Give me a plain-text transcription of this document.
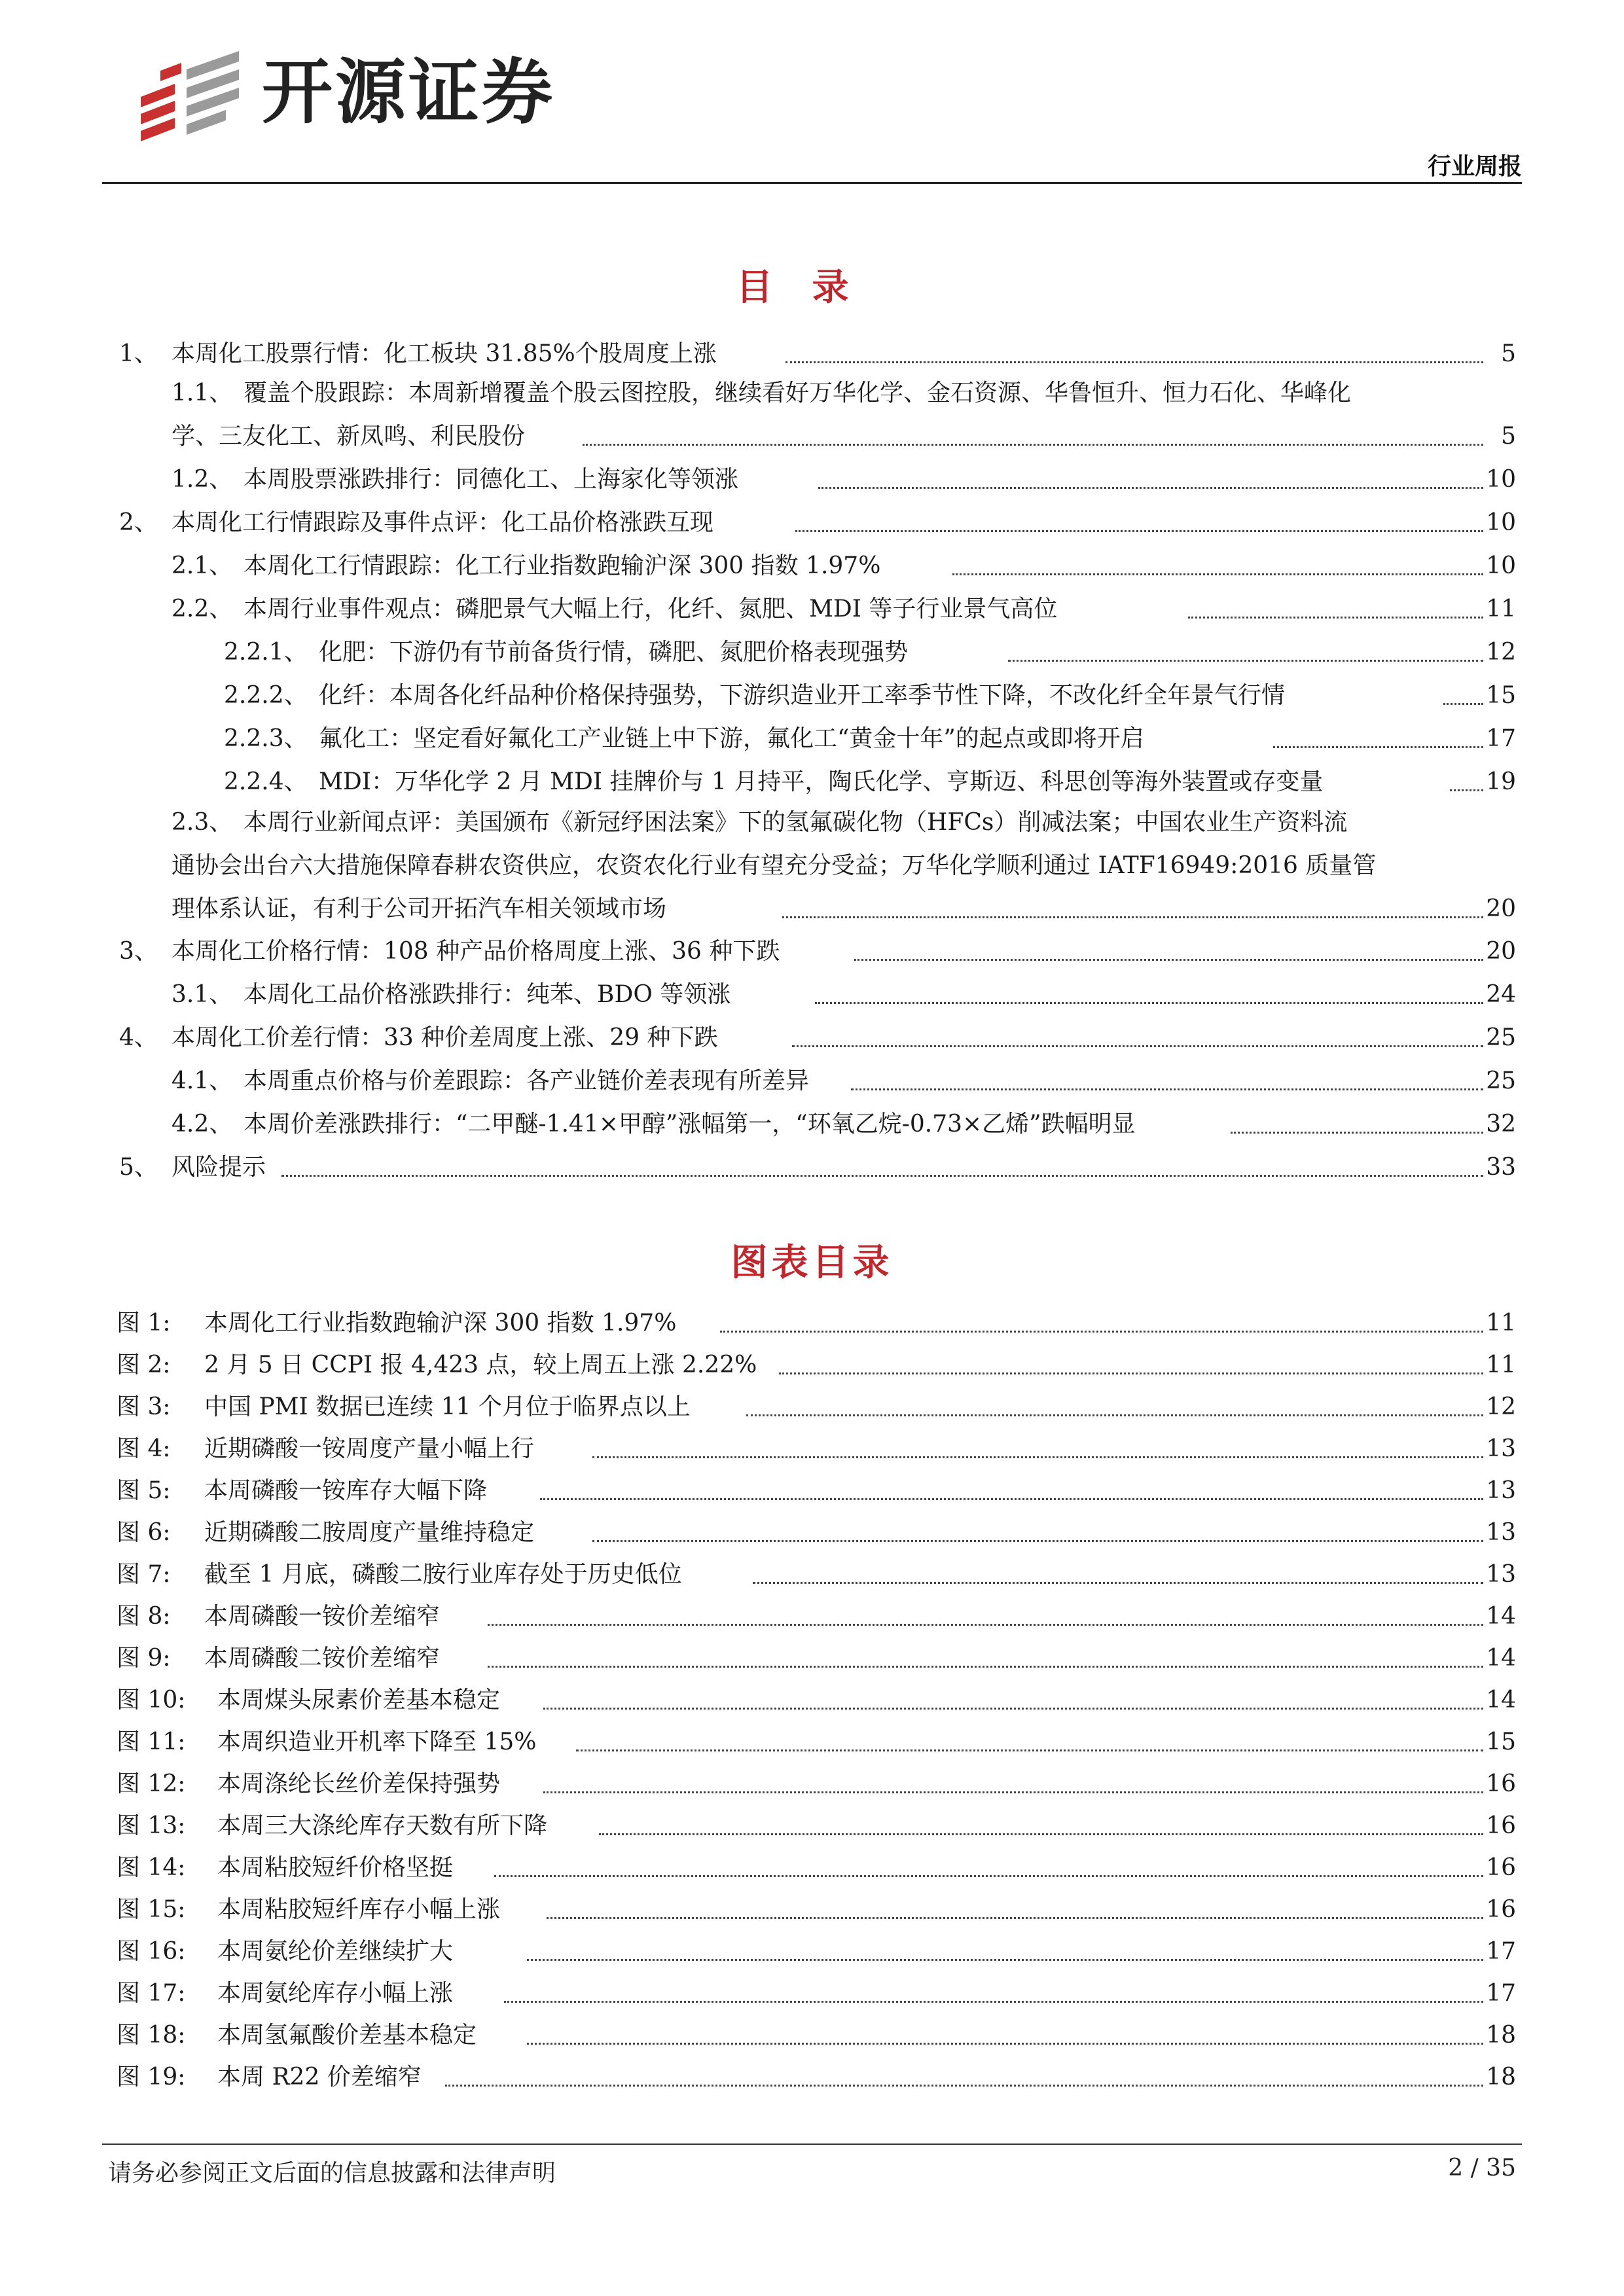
开源证券
行业周报
目录
1、 本周化工股票行情：化工板块 31.85%个股周度上涨	5
1.1、 覆盖个股跟踪：本周新增覆盖个股云图控股，继续看好万华化学、金石资源、华鲁恒升、恒力石化、华峰化
学、三友化工、新凤鸣、利民股份	5
1.2、 本周股票涨跌排行：同德化工、上海家化等领涨	10
2、 本周化工行情跟踪及事件点评：化工品价格涨跌互现	10
2.1、 本周化工行情跟踪：化工行业指数跑输沪深 300 指数 1.97%	10
2.2、 本周行业事件观点：磷肥景气大幅上行，化纤、氮肥、MDI 等子行业景气高位	11
2.2.1、 化肥：下游仍有节前备货行情，磷肥、氮肥价格表现强势	12
2.2.2、 化纤：本周各化纤品种价格保持强势，下游织造业开工率季节性下降，不改化纤全年景气行情	15
2.2.3、 氟化工：坚定看好氟化工产业链上中下游，氟化工“黄金十年”的起点或即将开启	17
2.2.4、 MDI：万华化学 2 月 MDI 挂牌价与 1 月持平，陶氏化学、亨斯迈、科思创等海外装置或存变量	19
2.3、 本周行业新闻点评：美国颁布《新冠纾困法案》下的氢氟碳化物（HFCs）削减法案；中国农业生产资料流
通协会出台六大措施保障春耕农资供应，农资农化行业有望充分受益；万华化学顺利通过 IATF16949:2016 质量管
理体系认证，有利于公司开拓汽车相关领域市场	20
3、 本周化工价格行情：108 种产品价格周度上涨、36 种下跌	20
3.1、 本周化工品价格涨跌排行：纯苯、BDO 等领涨	24
4、 本周化工价差行情：33 种价差周度上涨、29 种下跌	25
4.1、 本周重点价格与价差跟踪：各产业链价差表现有所差异	25
4.2、 本周价差涨跌排行：“二甲醚-1.41×甲醇”涨幅第一，“环氧乙烷-0.73×乙烯”跌幅明显	32
5、 风险提示	33
图表目录
图 1: 本周化工行业指数跑输沪深 300 指数 1.97%	11
图 2: 2 月 5 日 CCPI 报 4,423 点，较上周五上涨 2.22%	11
图 3: 中国 PMI 数据已连续 11 个月位于临界点以上	12
图 4: 近期磷酸一铵周度产量小幅上行	13
图 5: 本周磷酸一铵库存大幅下降	13
图 6: 近期磷酸二胺周度产量维持稳定	13
图 7: 截至 1 月底，磷酸二胺行业库存处于历史低位	13
图 8: 本周磷酸一铵价差缩窄	14
图 9: 本周磷酸二铵价差缩窄	14
图 10: 本周煤头尿素价差基本稳定	14
图 11: 本周织造业开机率下降至 15%	15
图 12: 本周涤纶长丝价差保持强势	16
图 13: 本周三大涤纶库存天数有所下降	16
图 14: 本周粘胶短纤价格坚挺	16
图 15: 本周粘胶短纤库存小幅上涨	16
图 16: 本周氨纶价差继续扩大	17
图 17: 本周氨纶库存小幅上涨	17
图 18: 本周氢氟酸价差基本稳定	18
图 19: 本周 R22 价差缩窄	18
请务必参阅正文后面的信息披露和法律声明	2 / 35
